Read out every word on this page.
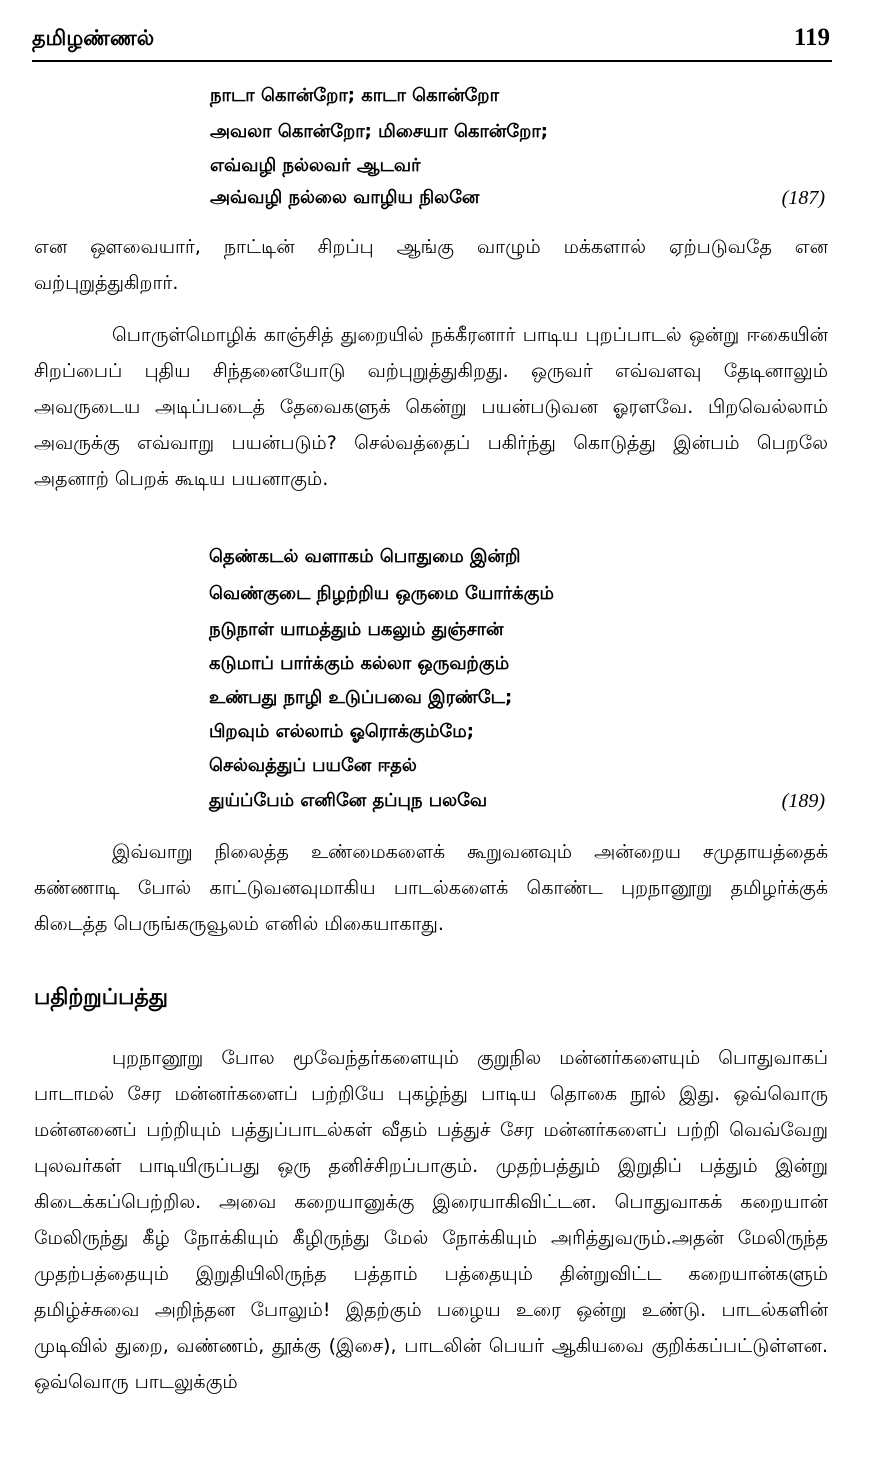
தமிழண்ணல்	119
நாடா கொன்றோ; காடா கொன்றோ
அவலா கொன்றோ; மிசையா கொன்றோ;
எவ்வழி நல்லவர் ஆடவர்
அவ்வழி நல்லை வாழிய நிலனே	(187)

என ஔவையார், நாட்டின் சிறப்பு ஆங்கு வாழும் மக்களால் ஏற்படுவதே என வற்புறுத்துகிறார்.

பொருள்மொழிக் காஞ்சித் துறையில் நக்கீரனார் பாடிய புறப்பாடல் ஒன்று ஈகையின் சிறப்பைப் புதிய சிந்தனையோடு வற்புறுத்துகிறது. ஒருவர் எவ்வளவு தேடினாலும் அவருடைய அடிப்படைத் தேவைகளுக் கென்று பயன்படுவன ஓரளவே. பிறவெல்லாம் அவருக்கு எவ்வாறு பயன்படும்? செல்வத்தைப் பகிர்ந்து கொடுத்து இன்பம் பெறலே அதனாற் பெறக் கூடிய பயனாகும்.

தெண்கடல் வளாகம் பொதுமை இன்றி
வெண்குடை நிழற்றிய ஒருமை யோர்க்கும்
நடுநாள் யாமத்தும் பகலும் துஞ்சான்
கடுமாப் பார்க்கும் கல்லா ஒருவற்கும்
உண்பது நாழி உடுப்பவை இரண்டே;
பிறவும் எல்லாம் ஓரொக்கும்மே;
செல்வத்துப் பயனே ஈதல்
துய்ப்பேம் எனினே தப்புந பலவே	(189)

இவ்வாறு நிலைத்த உண்மைகளைக் கூறுவனவும் அன்றைய சமுதாயத்தைக் கண்ணாடி போல் காட்டுவனவுமாகிய பாடல்களைக் கொண்ட புறநானூறு தமிழர்க்குக் கிடைத்த பெருங்கருவூலம் எனில் மிகையாகாது.

பதிற்றுப்பத்து

புறநானூறு போல மூவேந்தர்களையும் குறுநில மன்னர்களையும் பொதுவாகப் பாடாமல் சேர மன்னர்களைப் பற்றியே புகழ்ந்து பாடிய தொகை நூல் இது. ஒவ்வொரு மன்னனைப் பற்றியும் பத்துப்பாடல்கள் வீதம் பத்துச் சேர மன்னர்களைப் பற்றி வெவ்வேறு புலவர்கள் பாடியிருப்பது ஒரு தனிச்சிறப்பாகும். முதற்பத்தும் இறுதிப் பத்தும் இன்று கிடைக்கப்பெற்றில. அவை கறையானுக்கு இரையாகிவிட்டன. பொதுவாகக் கறையான் மேலிருந்து கீழ் நோக்கியும் கீழிருந்து மேல் நோக்கியும் அரித்துவரும்.அதன் மேலிருந்த முதற்பத்தையும் இறுதியிலிருந்த பத்தாம் பத்தையும் தின்றுவிட்ட கறையான்களும் தமிழ்ச்சுவை அறிந்தன போலும்! இதற்கும் பழைய உரை ஒன்று உண்டு. பாடல்களின் முடிவில் துறை, வண்ணம், தூக்கு (இசை), பாடலின் பெயர் ஆகியவை குறிக்கப்பட்டுள்ளன. ஒவ்வொரு பாடலுக்கும்
